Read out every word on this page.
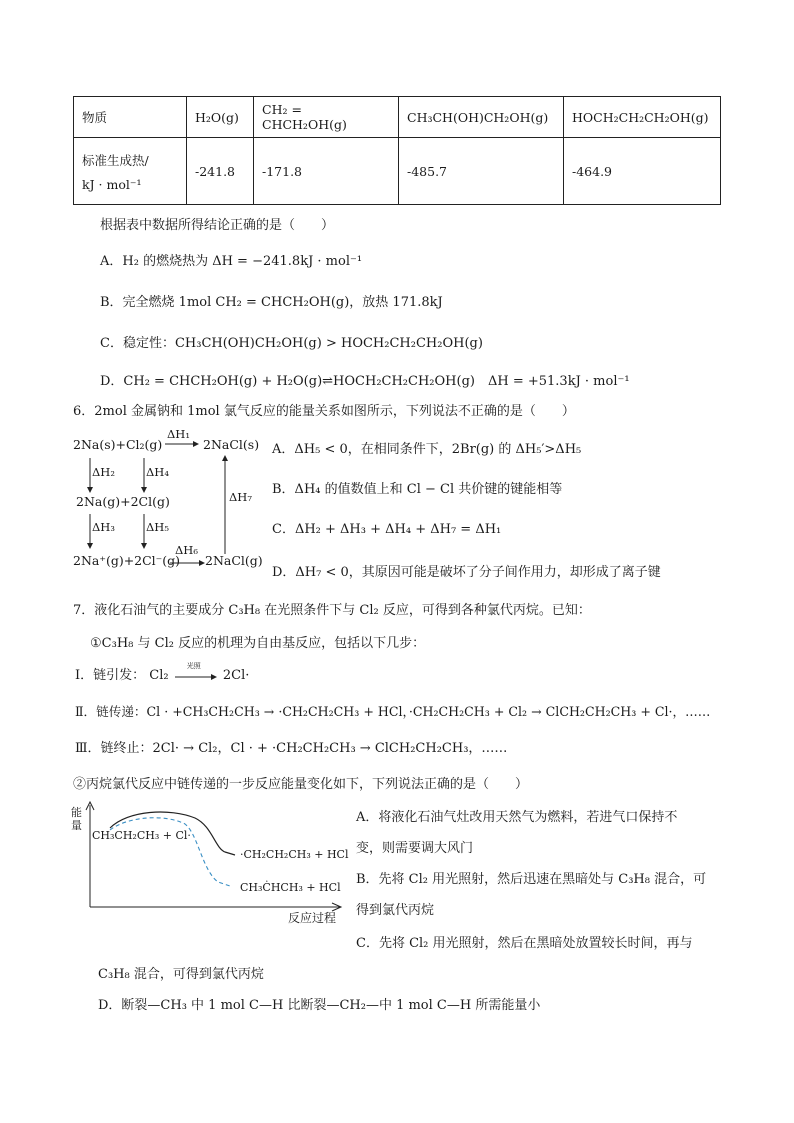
物质	H₂O(g)	CH₂ = CHCH₂OH(g)	CH₃CH(OH)CH₂OH(g)	HOCH₂CH₂CH₂OH(g)

标准生成热/
kJ · mol⁻¹	-241.8	-171.8	-485.7	-464.9
根据表中数据所得结论正确的是（　　）
A．H₂ 的燃烧热为 ΔH = −241.8kJ · mol⁻¹
B．完全燃烧 1mol CH₂ = CHCH₂OH(g)，放热 171.8kJ
C．稳定性：CH₃CH(OH)CH₂OH(g) > HOCH₂CH₂CH₂OH(g)
D．CH₂ = CHCH₂OH(g) + H₂O(g)⇌HOCH₂CH₂CH₂OH(g)　ΔH = +51.3kJ · mol⁻¹
6．2mol 金属钠和 1mol 氯气反应的能量关系如图所示，下列说法不正确的是（　　）
2Na(s)+Cl₂(g)	2NaCl(s)
ΔH₁
ΔH₂	ΔH₄
2Na(g)+2Cl(g)
ΔH₃	ΔH₅
ΔH₇
2Na⁺(g)+2Cl⁻(g)
ΔH₆
2NaCl(g)
A．ΔH₅ < 0，在相同条件下，2Br(g) 的 ΔH₅′>ΔH₅
B．ΔH₄ 的值数值上和 Cl − Cl 共价键的键能相等
C．ΔH₂ + ΔH₃ + ΔH₄ + ΔH₇ = ΔH₁
D．ΔH₇ < 0，其原因可能是破坏了分子间作用力，却形成了离子键
7．液化石油气的主要成分 C₃H₈ 在光照条件下与 Cl₂ 反应，可得到各种氯代丙烷。已知：
①C₃H₈ 与 Cl₂ 反应的机理为自由基反应，包括以下几步：
Ⅰ．链引发： Cl₂
光照
2Cl·
Ⅱ．链传递：Cl · +CH₃CH₂CH₃ → ·CH₂CH₂CH₃ + HCl，·CH₂CH₂CH₃ + Cl₂ → ClCH₂CH₂CH₃ + Cl·，……
Ⅲ．链终止：2Cl· → Cl₂，Cl · + ·CH₂CH₂CH₃ → ClCH₂CH₂CH₃，……
②丙烷氯代反应中链传递的一步反应能量变化如下，下列说法正确的是（　　）
能量
CH₃CH₂CH₃ + Cl·
·CH₂CH₂CH₃ + HCl
CH₃ĊHCH₃ + HCl
反应过程
A．将液化石油气灶改用天然气为燃料，若进气口保持不
变，则需要调大风门
B．先将 Cl₂ 用光照射，然后迅速在黑暗处与 C₃H₈ 混合，可
得到氯代丙烷
C．先将 Cl₂ 用光照射，然后在黑暗处放置较长时间，再与
C₃H₈ 混合，可得到氯代丙烷
D．断裂—CH₃ 中 1 mol C—H 比断裂—CH₂—中 1 mol C—H 所需能量小
